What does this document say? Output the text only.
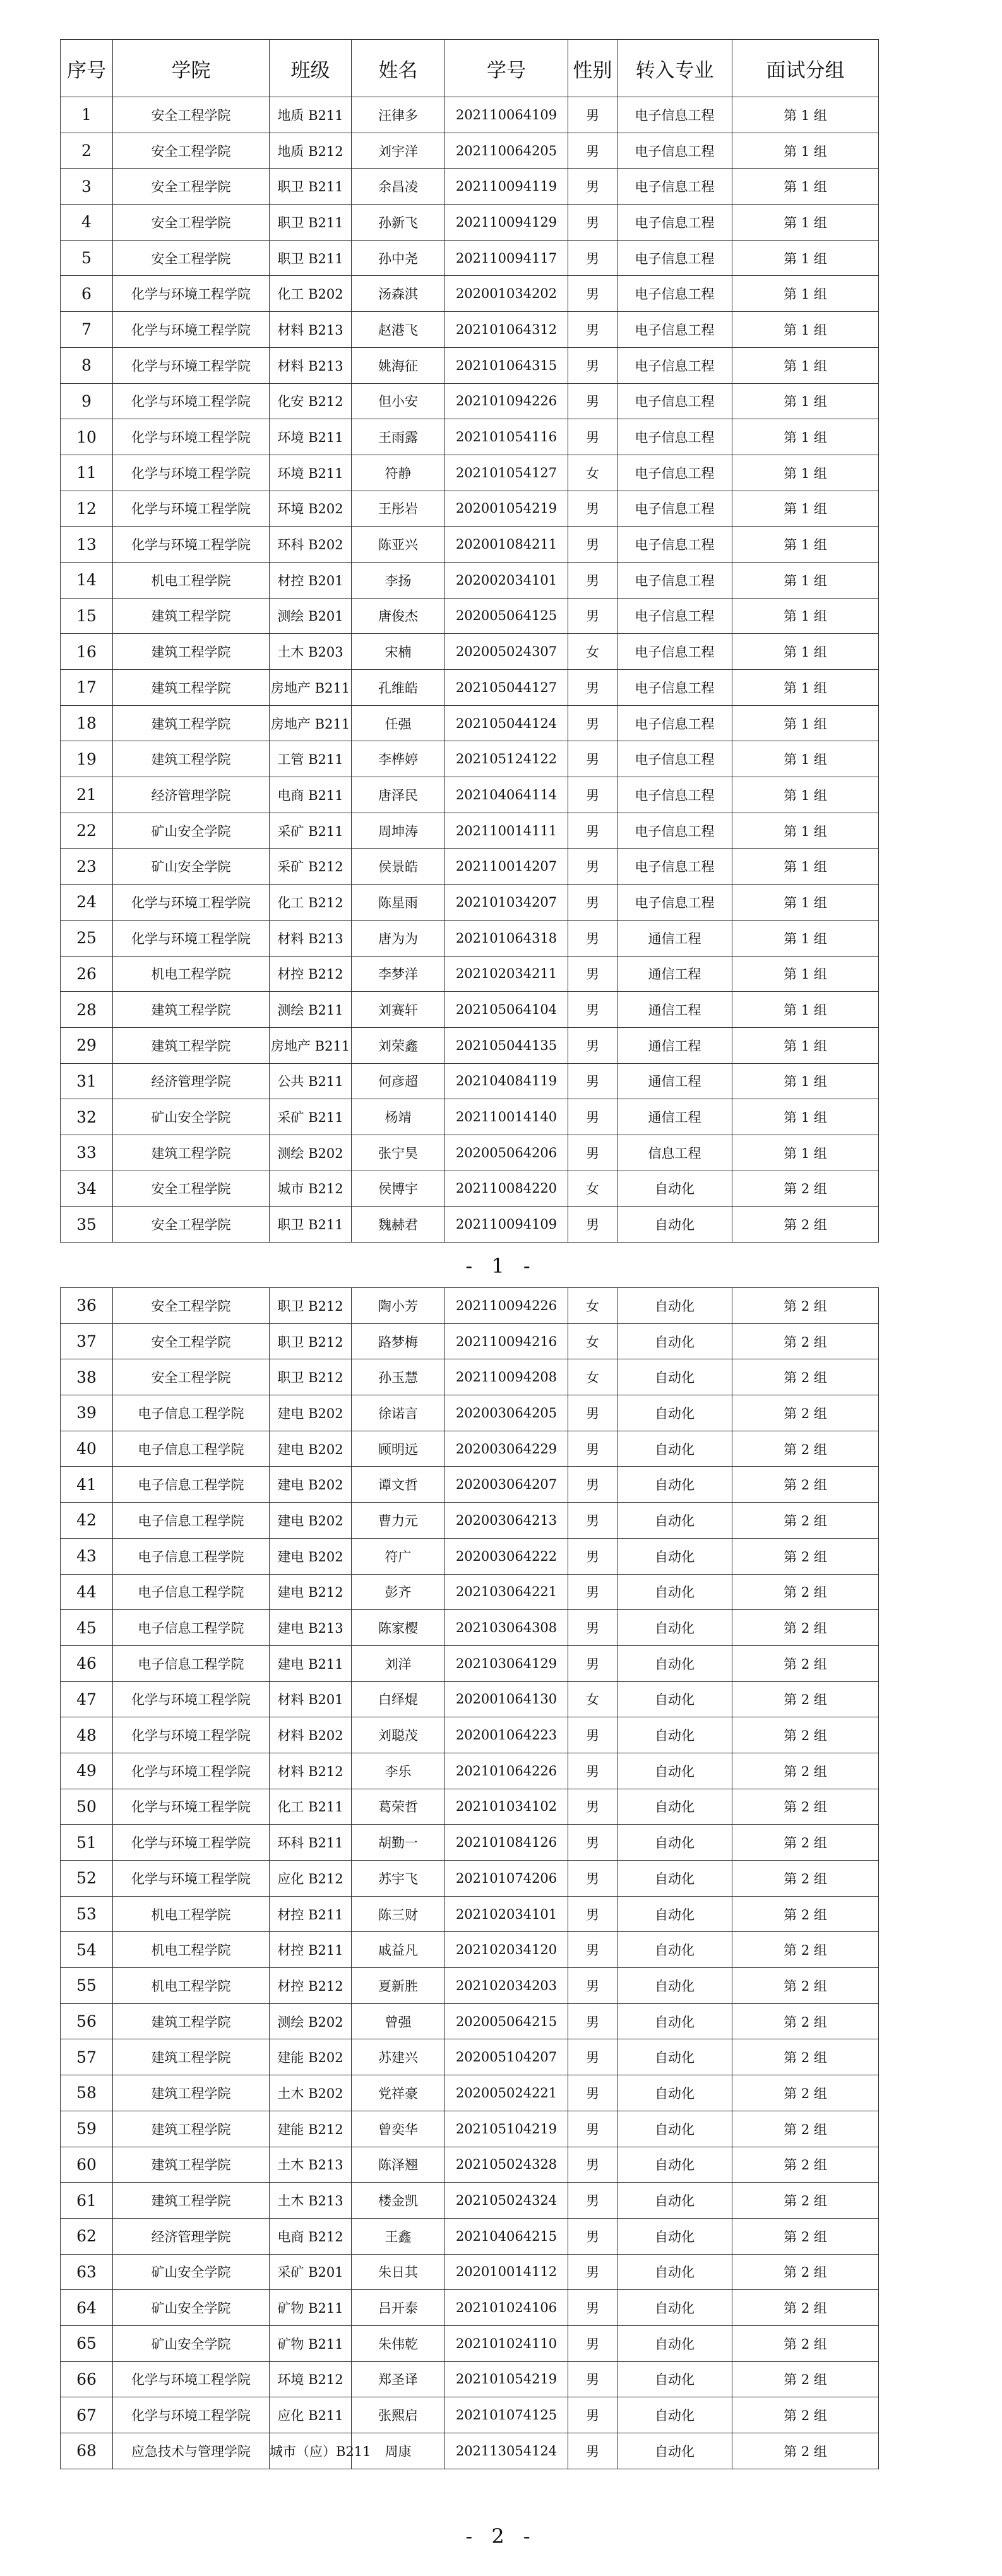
序号	学院	班级	姓名	学号	性别	转入专业	面试分组
1	安全工程学院	地质 B211	汪律多	202110064109	男	电子信息工程	第 1 组
2	安全工程学院	地质 B212	刘宇洋	202110064205	男	电子信息工程	第 1 组
3	安全工程学院	职卫 B211	余昌凌	202110094119	男	电子信息工程	第 1 组
4	安全工程学院	职卫 B211	孙新飞	202110094129	男	电子信息工程	第 1 组
5	安全工程学院	职卫 B211	孙中尧	202110094117	男	电子信息工程	第 1 组
6	化学与环境工程学院	化工 B202	汤森淇	202001034202	男	电子信息工程	第 1 组
7	化学与环境工程学院	材料 B213	赵港飞	202101064312	男	电子信息工程	第 1 组
8	化学与环境工程学院	材料 B213	姚海征	202101064315	男	电子信息工程	第 1 组
9	化学与环境工程学院	化安 B212	但小安	202101094226	男	电子信息工程	第 1 组
10	化学与环境工程学院	环境 B211	王雨露	202101054116	男	电子信息工程	第 1 组
11	化学与环境工程学院	环境 B211	符静	202101054127	女	电子信息工程	第 1 组
12	化学与环境工程学院	环境 B202	王彤岩	202001054219	男	电子信息工程	第 1 组
13	化学与环境工程学院	环科 B202	陈亚兴	202001084211	男	电子信息工程	第 1 组
14	机电工程学院	材控 B201	李扬	202002034101	男	电子信息工程	第 1 组
15	建筑工程学院	测绘 B201	唐俊杰	202005064125	男	电子信息工程	第 1 组
16	建筑工程学院	土木 B203	宋楠	202005024307	女	电子信息工程	第 1 组
17	建筑工程学院	房地产 B211	孔维皓	202105044127	男	电子信息工程	第 1 组
18	建筑工程学院	房地产 B211	任强	202105044124	男	电子信息工程	第 1 组
19	建筑工程学院	工管 B211	李桦婷	202105124122	男	电子信息工程	第 1 组
21	经济管理学院	电商 B211	唐泽民	202104064114	男	电子信息工程	第 1 组
22	矿山安全学院	采矿 B211	周坤涛	202110014111	男	电子信息工程	第 1 组
23	矿山安全学院	采矿 B212	侯景皓	202110014207	男	电子信息工程	第 1 组
24	化学与环境工程学院	化工 B212	陈星雨	202101034207	男	电子信息工程	第 1 组
25	化学与环境工程学院	材料 B213	唐为为	202101064318	男	通信工程	第 1 组
26	机电工程学院	材控 B212	李梦洋	202102034211	男	通信工程	第 1 组
28	建筑工程学院	测绘 B211	刘赛轩	202105064104	男	通信工程	第 1 组
29	建筑工程学院	房地产 B211	刘荣鑫	202105044135	男	通信工程	第 1 组
31	经济管理学院	公共 B211	何彦超	202104084119	男	通信工程	第 1 组
32	矿山安全学院	采矿 B211	杨靖	202110014140	男	通信工程	第 1 组
33	建筑工程学院	测绘 B202	张宁昊	202005064206	男	信息工程	第 1 组
34	安全工程学院	城市 B212	侯博宇	202110084220	女	自动化	第 2 组
35	安全工程学院	职卫 B211	魏赫君	202110094109	男	自动化	第 2 组
- 1 -
36	安全工程学院	职卫 B212	陶小芳	202110094226	女	自动化	第 2 组
37	安全工程学院	职卫 B212	路梦梅	202110094216	女	自动化	第 2 组
38	安全工程学院	职卫 B212	孙玉慧	202110094208	女	自动化	第 2 组
39	电子信息工程学院	建电 B202	徐诺言	202003064205	男	自动化	第 2 组
40	电子信息工程学院	建电 B202	顾明远	202003064229	男	自动化	第 2 组
41	电子信息工程学院	建电 B202	谭文哲	202003064207	男	自动化	第 2 组
42	电子信息工程学院	建电 B202	曹力元	202003064213	男	自动化	第 2 组
43	电子信息工程学院	建电 B202	符广	202003064222	男	自动化	第 2 组
44	电子信息工程学院	建电 B212	彭齐	202103064221	男	自动化	第 2 组
45	电子信息工程学院	建电 B213	陈家樱	202103064308	男	自动化	第 2 组
46	电子信息工程学院	建电 B211	刘洋	202103064129	男	自动化	第 2 组
47	化学与环境工程学院	材料 B201	白绎焜	202001064130	女	自动化	第 2 组
48	化学与环境工程学院	材料 B202	刘聪茂	202001064223	男	自动化	第 2 组
49	化学与环境工程学院	材料 B212	李乐	202101064226	男	自动化	第 2 组
50	化学与环境工程学院	化工 B211	葛荣哲	202101034102	男	自动化	第 2 组
51	化学与环境工程学院	环科 B211	胡勤一	202101084126	男	自动化	第 2 组
52	化学与环境工程学院	应化 B212	苏宇飞	202101074206	男	自动化	第 2 组
53	机电工程学院	材控 B211	陈三财	202102034101	男	自动化	第 2 组
54	机电工程学院	材控 B211	戚益凡	202102034120	男	自动化	第 2 组
55	机电工程学院	材控 B212	夏新胜	202102034203	男	自动化	第 2 组
56	建筑工程学院	测绘 B202	曾强	202005064215	男	自动化	第 2 组
57	建筑工程学院	建能 B202	苏建兴	202005104207	男	自动化	第 2 组
58	建筑工程学院	土木 B202	党祥豪	202005024221	男	自动化	第 2 组
59	建筑工程学院	建能 B212	曾奕华	202105104219	男	自动化	第 2 组
60	建筑工程学院	土木 B213	陈泽翘	202105024328	男	自动化	第 2 组
61	建筑工程学院	土木 B213	楼金凯	202105024324	男	自动化	第 2 组
62	经济管理学院	电商 B212	王鑫	202104064215	男	自动化	第 2 组
63	矿山安全学院	采矿 B201	朱日其	202010014112	男	自动化	第 2 组
64	矿山安全学院	矿物 B211	吕开泰	202101024106	男	自动化	第 2 组
65	矿山安全学院	矿物 B211	朱伟乾	202101024110	男	自动化	第 2 组
66	化学与环境工程学院	环境 B212	郑圣译	202101054219	男	自动化	第 2 组
67	化学与环境工程学院	应化 B211	张熙启	202101074125	男	自动化	第 2 组
68	应急技术与管理学院	城市（应）B211	周康	202113054124	男	自动化	第 2 组
- 2 -
